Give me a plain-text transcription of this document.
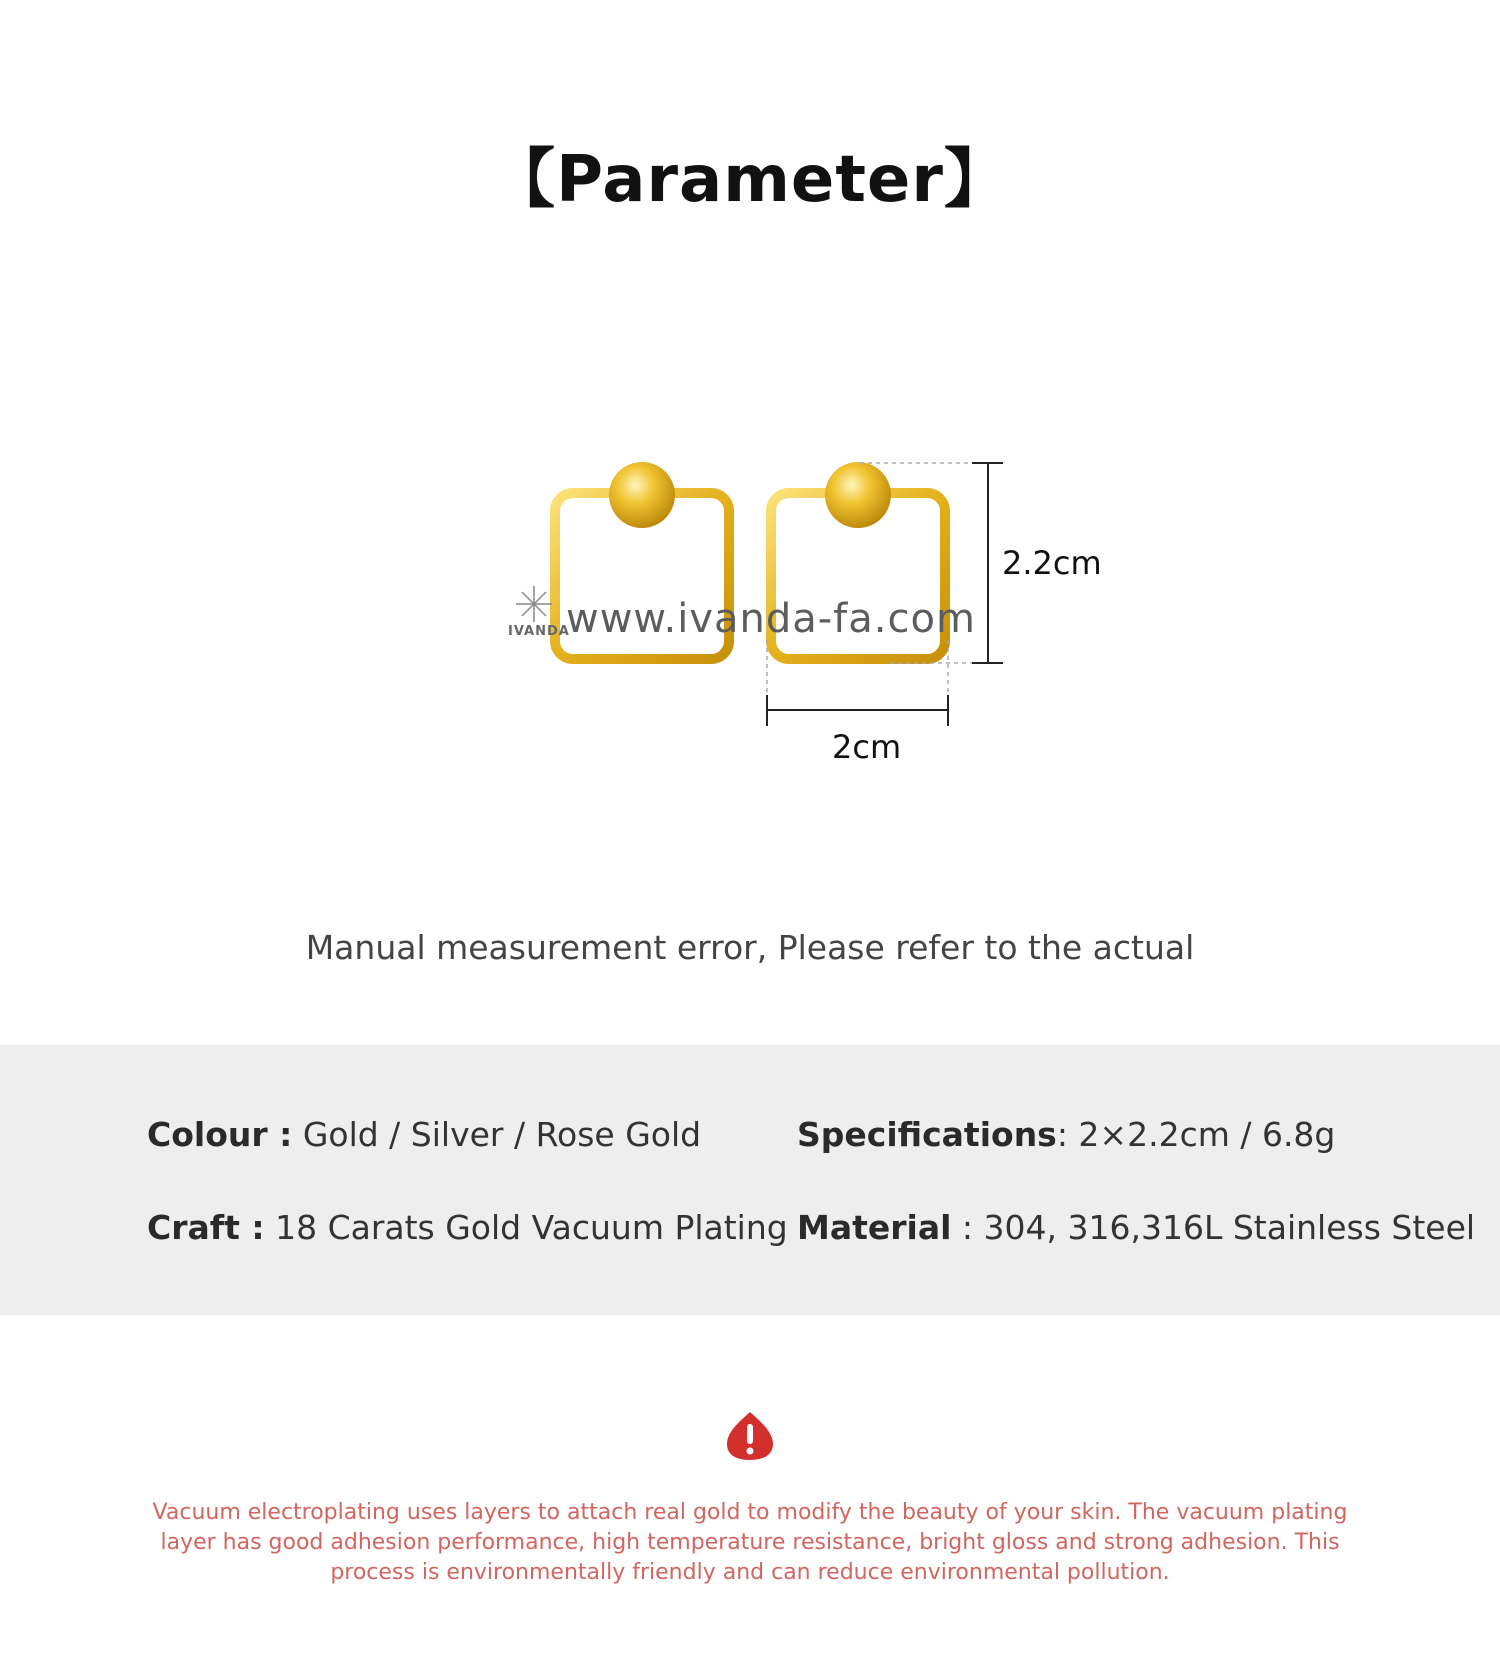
【Parameter】
www.ivanda-fa.com
IVANDA
2.2cm
2cm
Manual measurement error, Please refer to the actual
Colour : Gold / Silver / Rose Gold
Craft : 18 Carats Gold Vacuum Plating
Specifications: 2×2.2cm / 6.8g
Material : 304, 316,316L Stainless Steel
Vacuum electroplating uses layers to attach real gold to modify the beauty of your skin. The vacuum plating layer has good adhesion performance, high temperature resistance, bright gloss and strong adhesion. This process is environmentally friendly and can reduce environmental pollution.
